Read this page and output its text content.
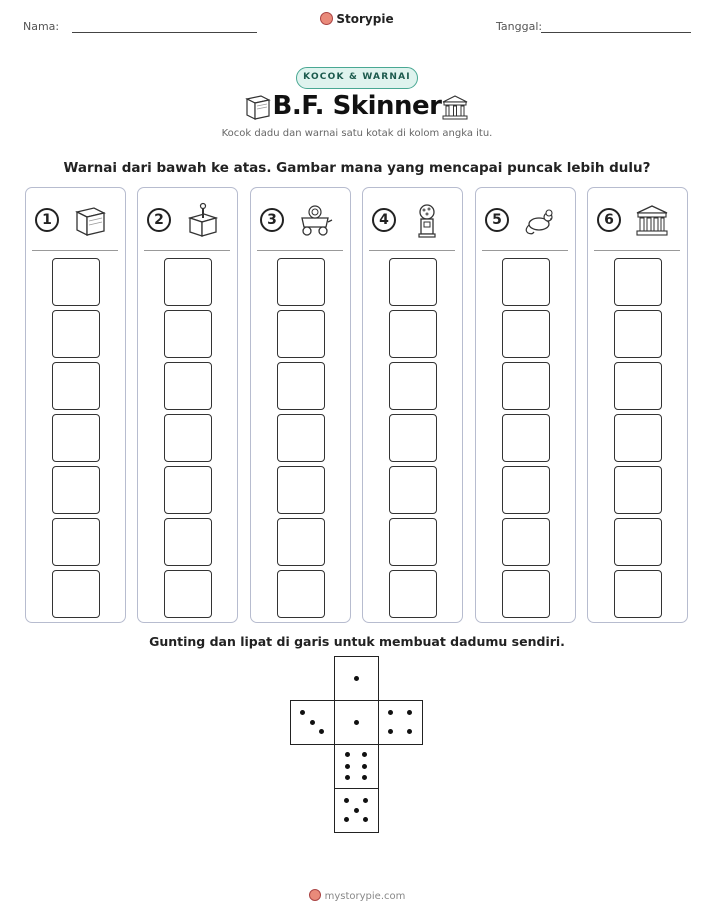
Nama:
Storypie
Tanggal:
KOCOK & WARNAI
B.F. Skinner
Kocok dadu dan warnai satu kotak di kolom angka itu.
Warnai dari bawah ke atas. Gambar mana yang mencapai puncak lebih dulu?
1	2	3	4	5	6
Gunting dan lipat di garis untuk membuat dadumu sendiri.
mystorypie.com
